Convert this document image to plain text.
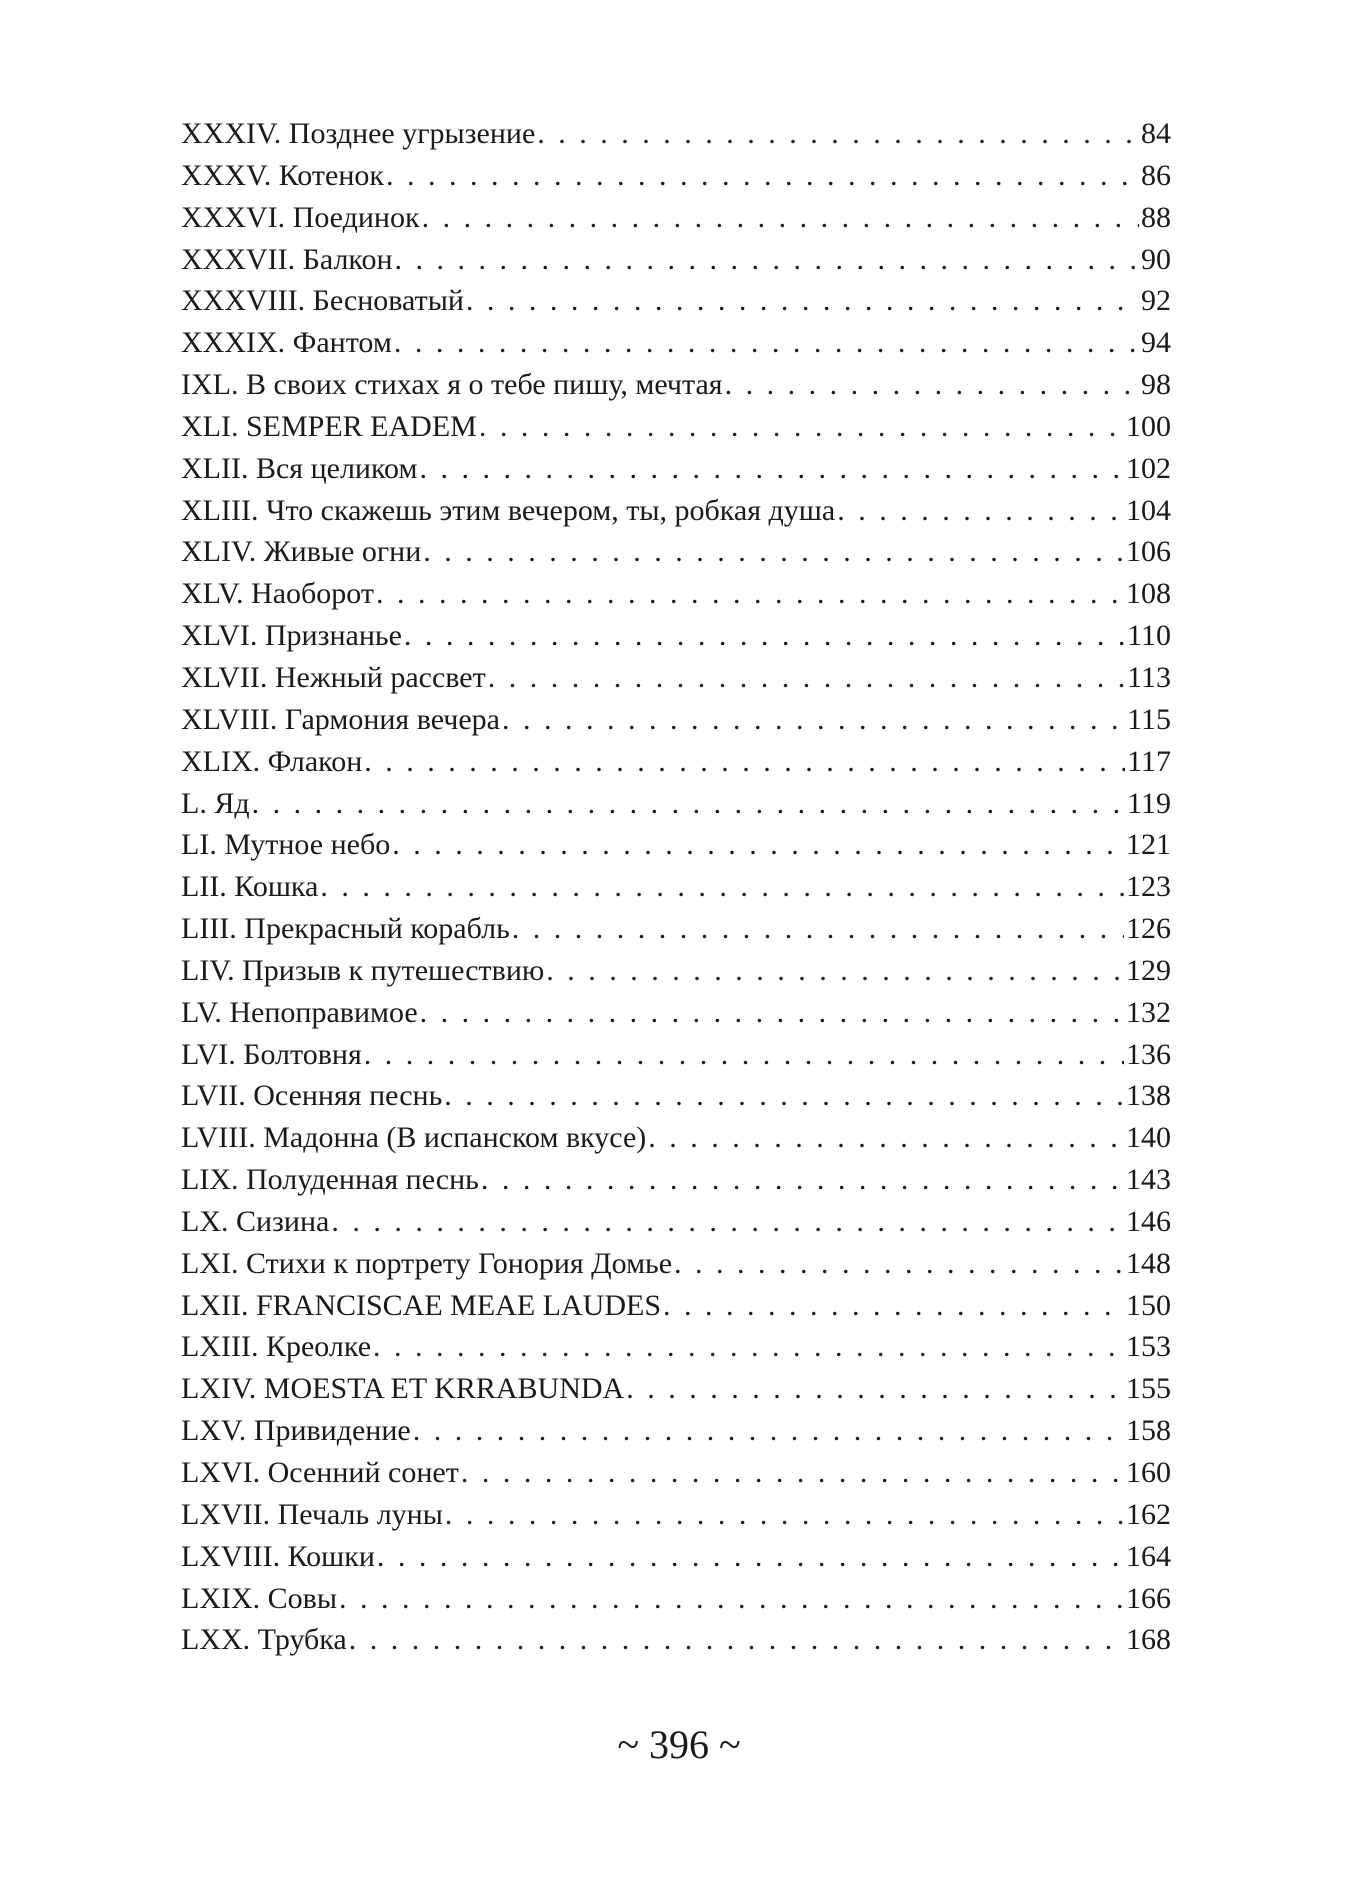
XXXIV. Позднее угрызение . . .	84
XXXV. Котенок . . .	86
XXXVI. Поединок . . .	88
XXXVII. Балкон . . .	90
XXXVIII. Бесноватый . . .	92
XXXIX. Фантом . . .	94
IXL. В своих стихах я о тебе пишу, мечтая . . .	98
XLI. SEMPER EADEM . . .	100
XLII. Вся целиком . . .	102
XLIII. Что скажешь этим вечером, ты, робкая душа . . .	104
XLIV. Живые огни . . .	106
XLV. Наоборот . . .	108
XLVI. Признанье . . .	110
XLVII. Нежный рассвет . . .	113
XLVIII. Гармония вечера . . .	115
XLIX. Флакон . . .	117
L. Яд . . .	119
LI. Мутное небо . . .	121
LII. Кошка . . .	123
LIII. Прекрасный корабль . . .	126
LIV. Призыв к путешествию . . .	129
LV. Непоправимое . . .	132
LVI. Болтовня . . .	136
LVII. Осенняя песнь . . .	138
LVIII. Мадонна (В испанском вкусе) . . .	140
LIX. Полуденная песнь . . .	143
LX. Сизина . . .	146
LXI. Стихи к портрету Гонория Домье . . .	148
LXII. FRANCISCAE MEAE LAUDES . . .	150
LXIII. Креолке . . .	153
LXIV. MOESTA ET KRRABUNDA . . .	155
LXV. Привидение . . .	158
LXVI. Осенний сонет . . .	160
LXVII. Печаль луны . . .	162
LXVIII. Кошки . . .	164
LXIX. Совы . . .	166
LXX. Трубка . . .	168
~ 396 ~
